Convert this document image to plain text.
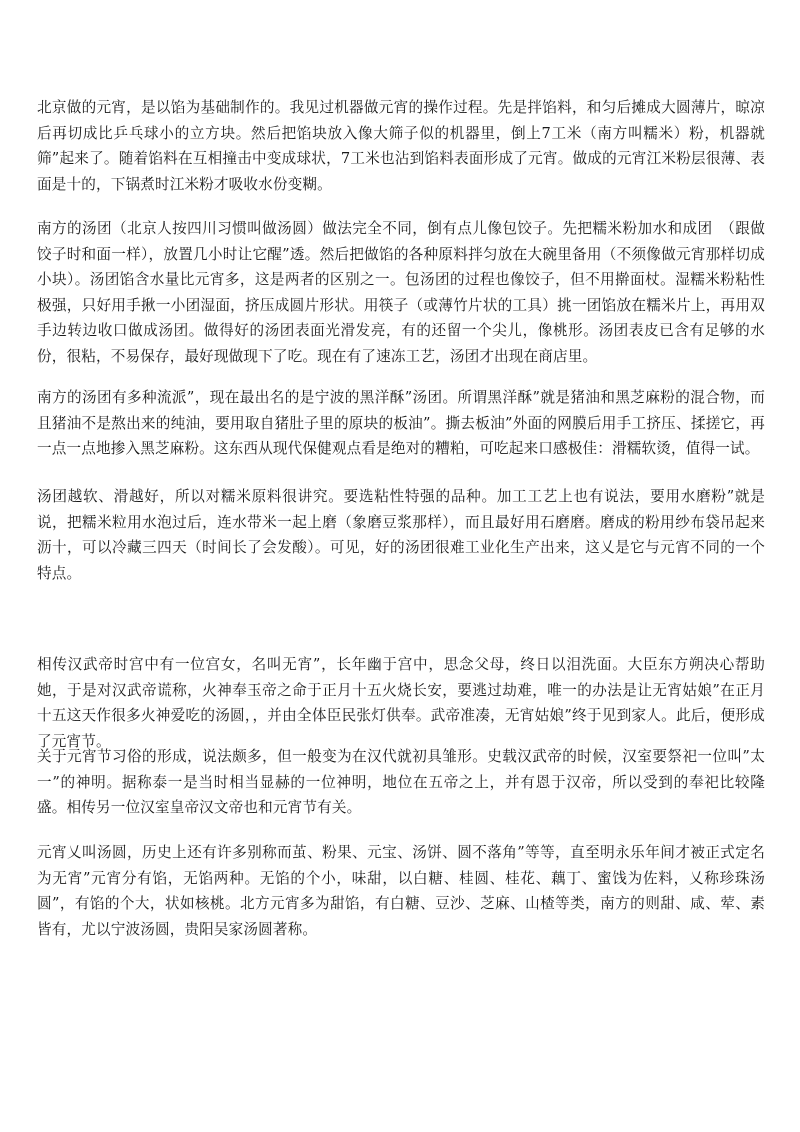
北京做的元宵，是以馅为基础制作的。我见过机器做元宵的操作过程。先是拌馅料，和匀后摊成大圆薄片，晾凉后再切成比乒乓球小的立方块。然后把馅块放入像大筛子似的机器里，倒上7工米（南方叫糯米）粉，机器就筛”起来了。随着馅料在互相撞击中变成球状，7工米也沾到馅料表面形成了元宵。做成的元宵江米粉层很薄、表面是十的，下锅煮时江米粉才吸收水份变糊。

南方的汤团（北京人按四川习惯叫做汤圆）做法完全不同，倒有点儿像包饺子。先把糯米粉加水和成团　（跟做饺子时和面一样），放置几小时让它醒”透。然后把做馅的各种原料拌匀放在大碗里备用（不须像做元宵那样切成小块）。汤团馅含水量比元宵多，这是两者的区别之一。包汤团的过程也像饺子，但不用擀面杖。湿糯米粉粘性极强，只好用手揪一小团湿面，挤压成圆片形状。用筷子（或薄竹片状的工具）挑一团馅放在糯米片上，再用双手边转边收口做成汤团。做得好的汤团表面光滑发亮，有的还留一个尖儿，像桃形。汤团表皮已含有足够的水份，很粘，不易保存，最好现做现下了吃。现在有了速冻工艺，汤团才出现在商店里。

南方的汤团有多种流派”，现在最出名的是宁波的黑洋酥”汤团。所谓黑洋酥”就是猪油和黑芝麻粉的混合物，而且猪油不是熬出来的纯油，要用取自猪肚子里的原块的板油”。撕去板油”外面的网膜后用手工挤压、揉搓它，再一点一点地掺入黑芝麻粉。这东西从现代保健观点看是绝对的糟粕，可吃起来口感极佳：滑糯软烫，值得一试。

汤团越软、滑越好，所以对糯米原料很讲究。要选粘性特强的品种。加工工艺上也有说法，要用水磨粉”就是说，把糯米粒用水泡过后，连水带米一起上磨（象磨豆浆那样），而且最好用石磨磨。磨成的粉用纱布袋吊起来沥十，可以冷藏三四天（时间长了会发酸）。可见，好的汤团很难工业化生产出来，这乂是它与元宵不同的一个特点。

相传汉武帝时宫中有一位宫女，名叫无宵”，长年幽于宫中，思念父母，终日以泪洗面。大臣东方朔决心帮助她，于是对汉武帝谎称，火神奉玉帝之命于正月十五火烧长安，要逃过劫难，唯一的办法是让无宵姑娘”在正月十五这天作很多火神爱吃的汤圆，，并由全体臣民张灯供奉。武帝准凑，无宵姑娘”终于见到家人。此后，便形成了元宵节。

关于元宵节习俗的形成，说法颇多，但一般变为在汉代就初具雏形。史载汉武帝的时候，汉室要祭祀一位叫”太一”的神明。据称泰一是当时相当显赫的一位神明，地位在五帝之上，并有恩于汉帝，所以受到的奉祀比较隆盛。相传另一位汉室皇帝汉文帝也和元宵节有关。

元宵乂叫汤圆，历史上还有许多别称而茧、粉果、元宝、汤饼、圆不落角”等等，直至明永乐年间才被正式定名为无宵”元宵分有馅，无馅两种。无馅的个小，味甜，以白糖、桂圆、桂花、藕丁、蜜饯为佐料，乂称珍珠汤圆”，有馅的个大，状如核桃。北方元宵多为甜馅，有白糖、豆沙、芝麻、山楂等类，南方的则甜、咸、荤、素皆有，尤以宁波汤圆，贵阳吴家汤圆著称。
